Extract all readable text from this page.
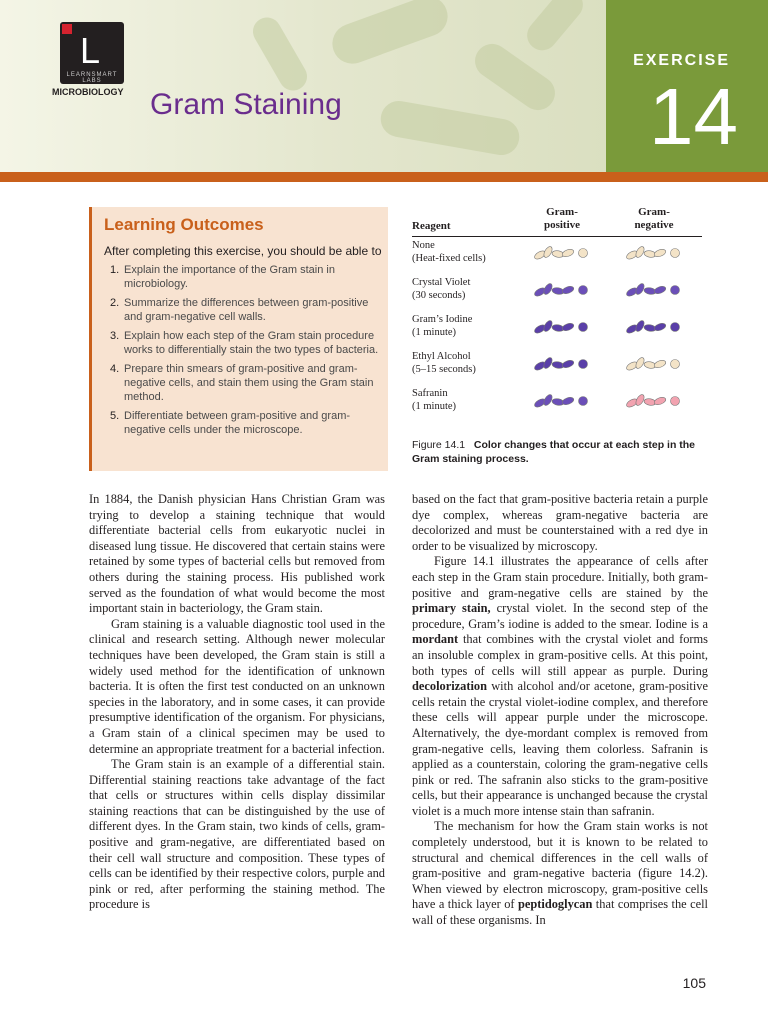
EXERCISE
14
L
LEARNSMART LABS
MICROBIOLOGY Gram Staining
Learning Outcomes
After completing this exercise, you should be able to
1. Explain the importance of the Gram stain in microbiology.
2. Summarize the differences between gram-positive and gram-negative cell walls.
3. Explain how each step of the Gram stain procedure works to differentially stain the two types of bacteria.
4. Prepare thin smears of gram-positive and gram-negative cells, and stain them using the Gram stain method.
5. Differentiate between gram-positive and gram-negative cells under the microscope.
Reagent
Gram-
positive
Gram-
negative
None
(Heat-fixed cells)
Crystal Violet
(30 seconds)
Gram’s Iodine
(1 minute)
Ethyl Alcohol
(5–15 seconds)
Safranin
(1 minute)
Figure 14.1 Color changes that occur at each step in the Gram staining process.

In 1884, the Danish physician Hans Christian Gram was trying to develop a staining technique that would differentiate bacterial cells from eukaryotic nuclei in diseased lung tissue. He discovered that certain stains were retained by some types of bacterial cells but removed from others during the staining process. His published work served as the foundation of what would become the most important stain in bacteriology, the Gram stain.

Gram staining is a valuable diagnostic tool used in the clinical and research setting. Although newer molecular techniques have been developed, the Gram stain is still a widely used method for the identification of unknown bacteria. It is often the first test conducted on an unknown species in the laboratory, and in some cases, it can provide presumptive identification of the organism. For physicians, a Gram stain of a clinical specimen may be used to determine an appropriate treatment for a bacterial infection.

The Gram stain is an example of a differential stain. Differential staining reactions take advantage of the fact that cells or structures within cells display dissimilar staining reactions that can be distinguished by the use of different dyes. In the Gram stain, two kinds of cells, gram-positive and gram-negative, are differentiated based on their cell wall structure and composition. These types of cells can be identified by their respective colors, purple and pink or red, after performing the staining method. The procedure is

based on the fact that gram-positive bacteria retain a purple dye complex, whereas gram-negative bacteria are decolorized and must be counterstained with a red dye in order to be visualized by microscopy.

Figure 14.1 illustrates the appearance of cells after each step in the Gram stain procedure. Initially, both gram-positive and gram-negative cells are stained by the primary stain, crystal violet. In the second step of the procedure, Gram’s iodine is added to the smear. Iodine is a mordant that combines with the crystal violet and forms an insoluble complex in gram-positive cells. At this point, both types of cells will still appear as purple. During decolorization with alcohol and/or acetone, gram-positive cells retain the crystal violet-iodine complex, and therefore these cells will appear purple under the microscope. Alternatively, the dye-mordant complex is removed from gram-negative cells, leaving them colorless. Safranin is applied as a counterstain, coloring the gram-negative cells pink or red. The safranin also sticks to the gram-positive cells, but their appearance is unchanged because the crystal violet is a much more intense stain than safranin.

The mechanism for how the Gram stain works is not completely understood, but it is known to be related to structural and chemical differences in the cell walls of gram-positive and gram-negative bacteria (figure 14.2). When viewed by electron microscopy, gram-positive cells have a thick layer of peptidoglycan that comprises the cell wall of these organisms. In

105
